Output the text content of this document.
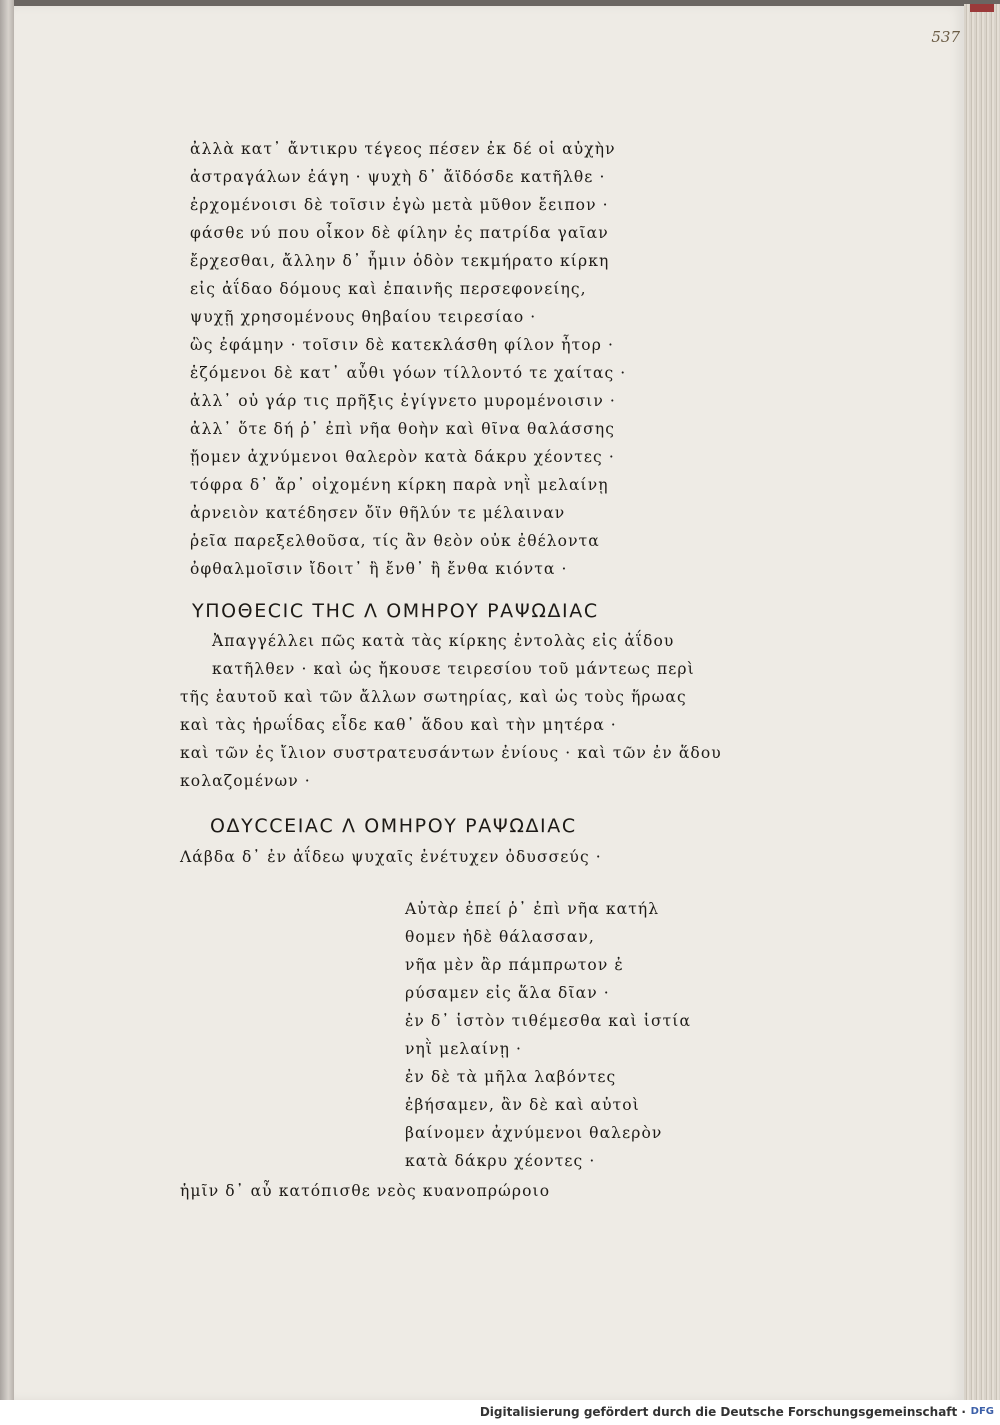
537
ἀλλὰ κατ᾽ ἄντικρυ τέγεος πέσεν ἐκ δέ οἱ αὐχὴν
ἀστραγάλων ἐάγη · ψυχὴ δ᾽ ἄϊδόσδε κατῆλθε ·
ἐρχομένοισι δὲ τοῖσιν ἐγὼ μετὰ μῦθον ἔειπον ·
φάσθε νύ που οἶκον δὲ φίλην ἐς πατρίδα γαῖαν
ἔρχεσθαι, ἄλλην δ᾽ ἧμιν ὁδὸν τεκμήρατο κίρκη
εἰς ἀΐδαο δόμους καὶ ἐπαινῆς περσεφονείης,
ψυχῇ χρησομένους θηβαίου τειρεσίαο ·
ὣς ἐφάμην · τοῖσιν δὲ κατεκλάσθη φίλον ἦτορ ·
ἑζόμενοι δὲ κατ᾽ αὖθι γόων τίλλοντό τε χαίτας ·
ἀλλ᾽ οὐ γάρ τις πρῆξις ἐγίγνετο μυρομένοισιν ·
ἀλλ᾽ ὅτε δή ῥ᾽ ἐπὶ νῆα θοὴν καὶ θῖνα θαλάσσης
ᾔομεν ἀχνύμενοι θαλερὸν κατὰ δάκρυ χέοντες ·
τόφρα δ᾽ ἄρ᾽ οἰχομένη κίρκη παρὰ νηῒ μελαίνῃ
ἀρνειὸν κατέδησεν ὄϊν θῆλύν τε μέλαιναν
ῥεῖα παρεξελθοῦσα, τίς ἂν θεὸν οὐκ ἐθέλοντα
ὀφθαλμοῖσιν ἴδοιτ᾽ ἢ ἔνθ᾽ ἢ ἔνθα κιόντα ·
ΥΠΟΘΕϹΙϹ ΤΗϹ Λ ΟΜΗΡΟΥ ΡΑΨΩΔΙΑϹ
Ἀπαγγέλλει πῶς κατὰ τὰς κίρκης ἐντολὰς εἰς ἀΐδου
κατῆλθεν · καὶ ὡς ἤκουσε τειρεσίου τοῦ μάντεως περὶ
τῆς ἑαυτοῦ καὶ τῶν ἄλλων σωτηρίας, καὶ ὡς τοὺς ἥρωας
καὶ τὰς ἡρωΐδας εἶδε καθ᾽ ἅδου καὶ τὴν μητέρα ·
καὶ τῶν ἐς ἴλιον συστρατευσάντων ἐνίους · καὶ τῶν ἐν ἅδου
κολαζομένων ·
ΟΔΥϹϹΕΙΑϹ Λ ΟΜΗΡΟΥ ΡΑΨΩΔΙΑϹ
Λάβδα δ᾽ ἐν ἀΐδεω ψυχαῖς ἐνέτυχεν ὀδυσσεύς ·
Αὐτὰρ ἐπεί ῥ᾽ ἐπὶ νῆα κατήλ
θομεν ἠδὲ θάλασσαν,
νῆα μὲν ἂρ πάμπρωτον ἐ
ρύσαμεν εἰς ἅλα δῖαν ·
ἐν δ᾽ ἱστὸν τιθέμεσθα καὶ ἱστία
νηῒ μελαίνῃ ·
ἐν δὲ τὰ μῆλα λαβόντες
ἐβήσαμεν, ἂν δὲ καὶ αὐτοὶ
βαίνομεν ἀχνύμενοι θαλερὸν
κατὰ δάκρυ χέοντες ·
ἡμῖν δ᾽ αὖ κατόπισθε νεὸς κυανοπρώροιο
Digitalisierung gefördert durch die Deutsche Forschungsgemeinschaft · DFG
